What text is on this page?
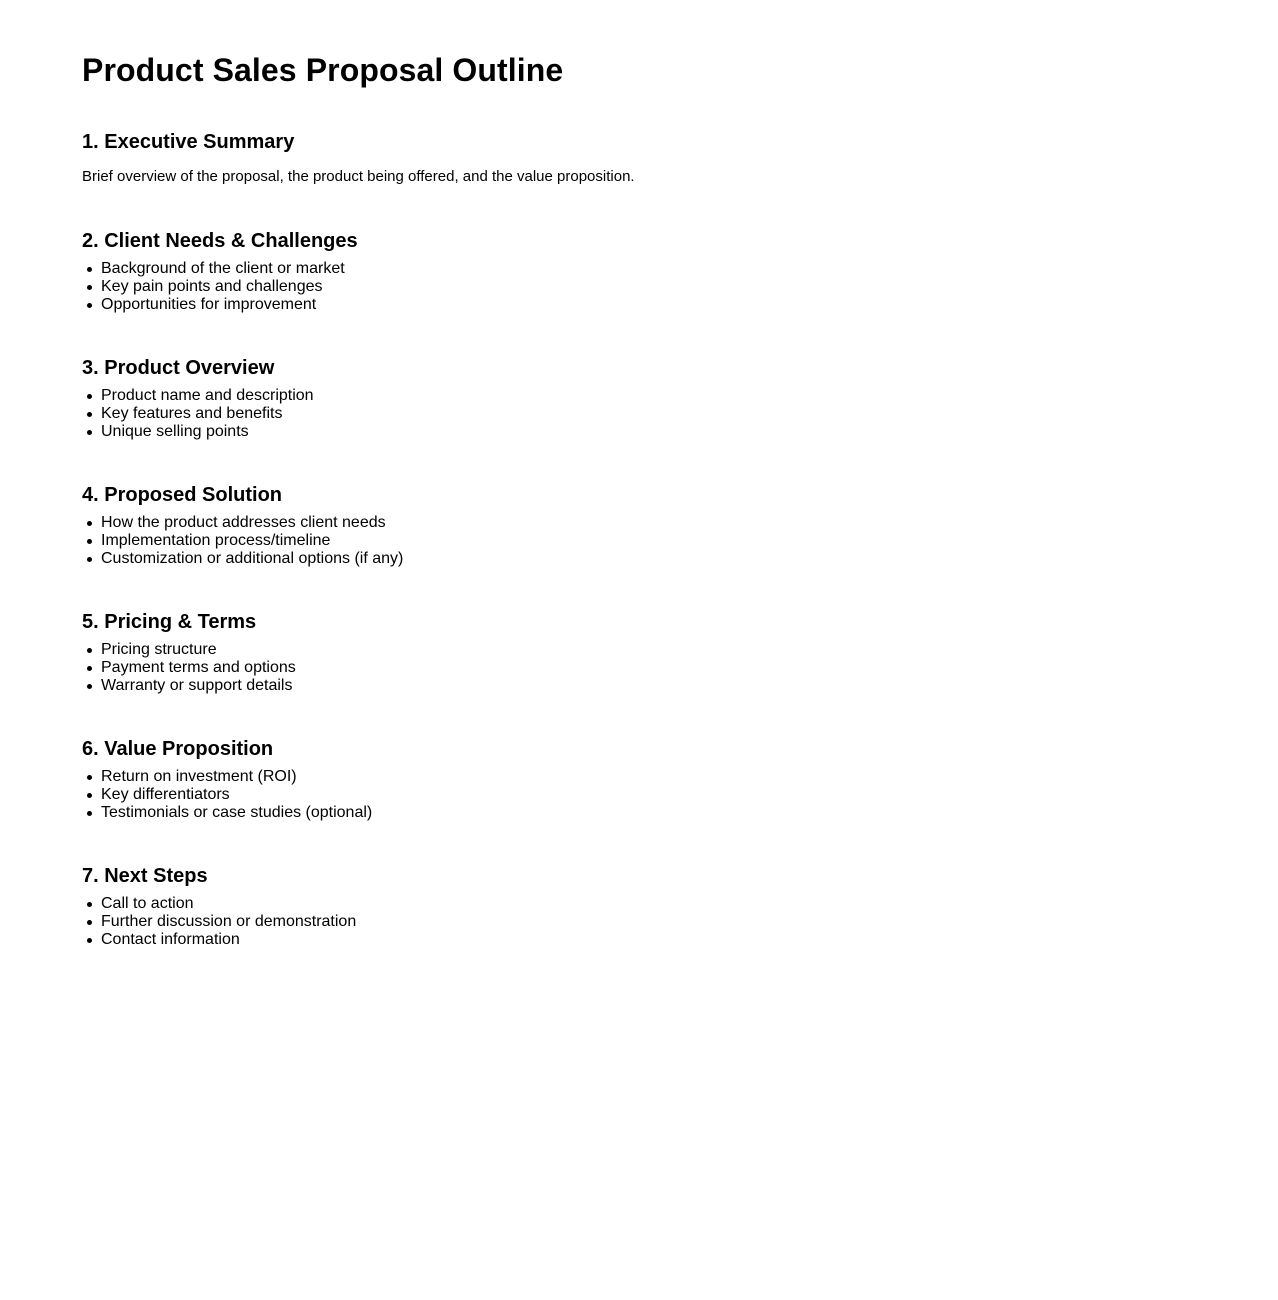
Product Sales Proposal Outline
1. Executive Summary

Brief overview of the proposal, the product being offered, and the value proposition.

2. Client Needs & Challenges
Background of the client or market
Key pain points and challenges
Opportunities for improvement
3. Product Overview
Product name and description
Key features and benefits
Unique selling points
4. Proposed Solution
How the product addresses client needs
Implementation process/timeline
Customization or additional options (if any)
5. Pricing & Terms
Pricing structure
Payment terms and options
Warranty or support details
6. Value Proposition
Return on investment (ROI)
Key differentiators
Testimonials or case studies (optional)
7. Next Steps
Call to action
Further discussion or demonstration
Contact information
